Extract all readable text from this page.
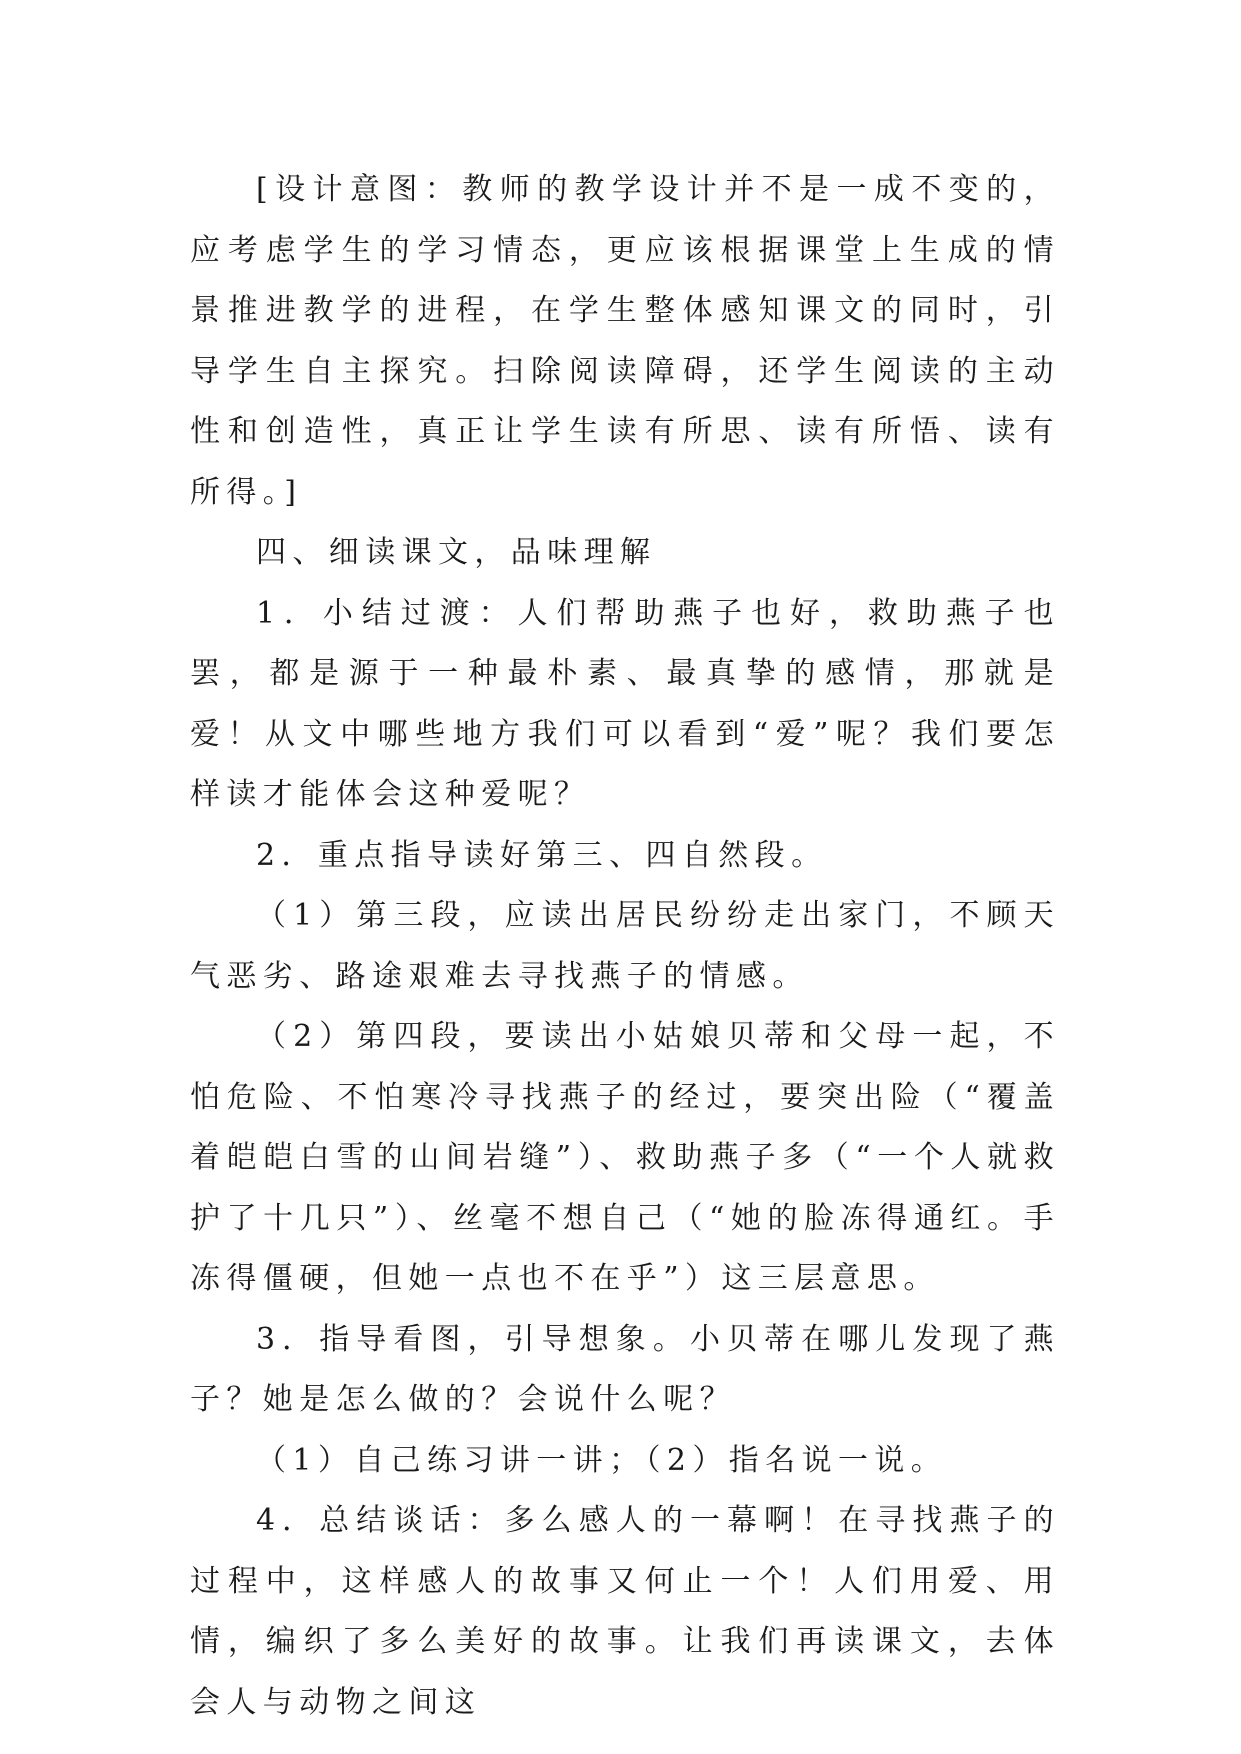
[设计意图：教师的教学设计并不是一成不变的，应考虑学生的学习情态，更应该根据课堂上生成的情景推进教学的进程，在学生整体感知课文的同时，引导学生自主探究。扫除阅读障碍，还学生阅读的主动性和创造性，真正让学生读有所思、读有所悟、读有所得。]

四、细读课文，品味理解

1．小结过渡：人们帮助燕子也好，救助燕子也罢，都是源于一种最朴素、最真挚的感情，那就是爱！从文中哪些地方我们可以看到“爱”呢？我们要怎样读才能体会这种爱呢？

2．重点指导读好第三、四自然段。

（1）第三段，应读出居民纷纷走出家门，不顾天气恶劣、路途艰难去寻找燕子的情感。

（2）第四段，要读出小姑娘贝蒂和父母一起，不怕危险、不怕寒冷寻找燕子的经过，要突出险（“覆盖着皑皑白雪的山间岩缝”）、救助燕子多（“一个人就救护了十几只”）、丝毫不想自己（“她的脸冻得通红。手冻得僵硬，但她一点也不在乎”）这三层意思。

3．指导看图，引导想象。小贝蒂在哪儿发现了燕子？她是怎么做的？会说什么呢？

（1）自己练习讲一讲；（2）指名说一说。

4．总结谈话：多么感人的一幕啊！在寻找燕子的过程中，这样感人的故事又何止一个！人们用爱、用情，编织了多么美好的故事。让我们再读课文，去体会人与动物之间这
